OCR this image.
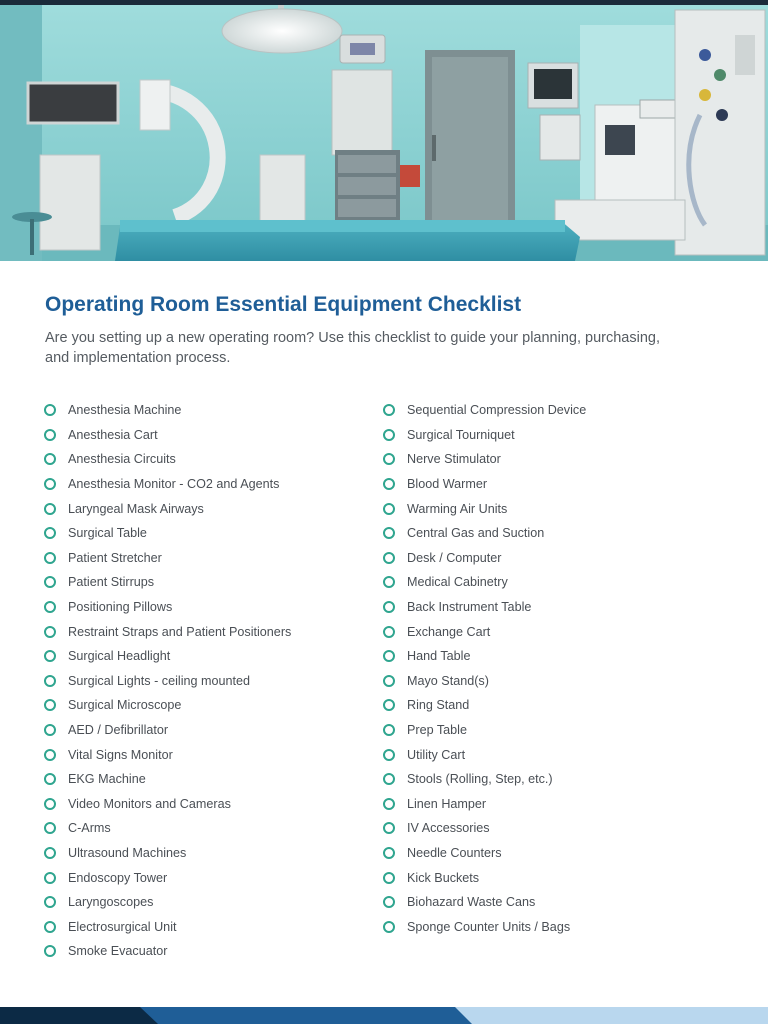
Operating Room Essential Equipment Checklist

Are you setting up a new operating room? Use this checklist to guide your planning, purchasing, and implementation process.

Anesthesia Machine
Anesthesia Cart
Anesthesia Circuits
Anesthesia Monitor - CO2 and Agents
Laryngeal Mask Airways
Surgical Table
Patient Stretcher
Patient Stirrups
Positioning Pillows
Restraint Straps and Patient Positioners
Surgical Headlight
Surgical Lights - ceiling mounted
Surgical Microscope
AED / Defibrillator
Vital Signs Monitor
EKG Machine
Video Monitors and Cameras
C-Arms
Ultrasound Machines
Endoscopy Tower
Laryngoscopes
Electrosurgical Unit
Smoke Evacuator
Sequential Compression Device
Surgical Tourniquet
Nerve Stimulator
Blood Warmer
Warming Air Units
Central Gas and Suction
Desk / Computer
Medical Cabinetry
Back Instrument Table
Exchange Cart
Hand Table
Mayo Stand(s)
Ring Stand
Prep Table
Utility Cart
Stools (Rolling, Step, etc.)
Linen Hamper
IV Accessories
Needle Counters
Kick Buckets
Biohazard Waste Cans
Sponge Counter Units / Bags
